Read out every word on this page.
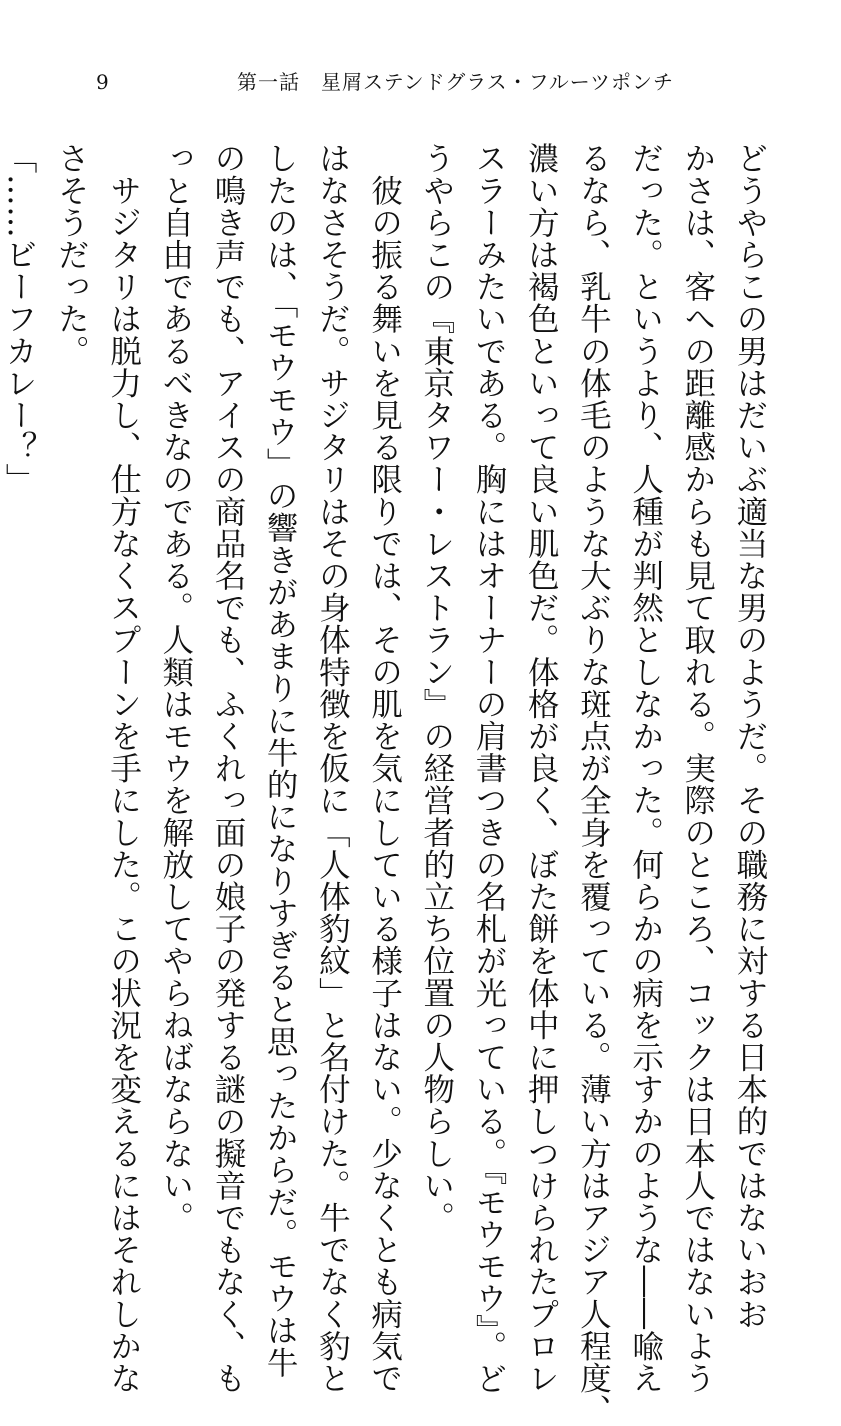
9	第一話　星屑ステンドグラス・フルーツポンチ
どうやらこの男はだいぶ適当な男のようだ。その職務に対する日本的ではないおお
かさは、客への距離感からも見て取れる。実際のところ、コックは日本人ではないよう
だった。というより、人種が判然としなかった。何らかの病を示すかのような――喩え
るなら、乳牛の体毛のような大ぶりな斑点が全身を覆っている。薄い方はアジア人程度、
濃い方は褐色といって良い肌色だ。体格が良く、ぼた餅を体中に押しつけられたプロレ
スラーみたいである。胸にはオーナーの肩書つきの名札が光っている。『モウモウ』。ど
うやらこの『東京タワー・レストラン』の経営者的立ち位置の人物らしい。
　彼の振る舞いを見る限りでは、その肌を気にしている様子はない。少なくとも病気で
はなさそうだ。サジタリはその身体特徴を仮に「人体豹紋」と名付けた。牛でなく豹と
したのは、「モウモウ」の響きがあまりに牛的になりすぎると思ったからだ。モウは牛
の鳴き声でも、アイスの商品名でも、ふくれっ面の娘子の発する謎の擬音でもなく、も
っと自由であるべきなのである。人類はモウを解放してやらねばならない。
　サジタリは脱力し、仕方なくスプーンを手にした。この状況を変えるにはそれしかな
さそうだった。
「……ビーフカレー？」
